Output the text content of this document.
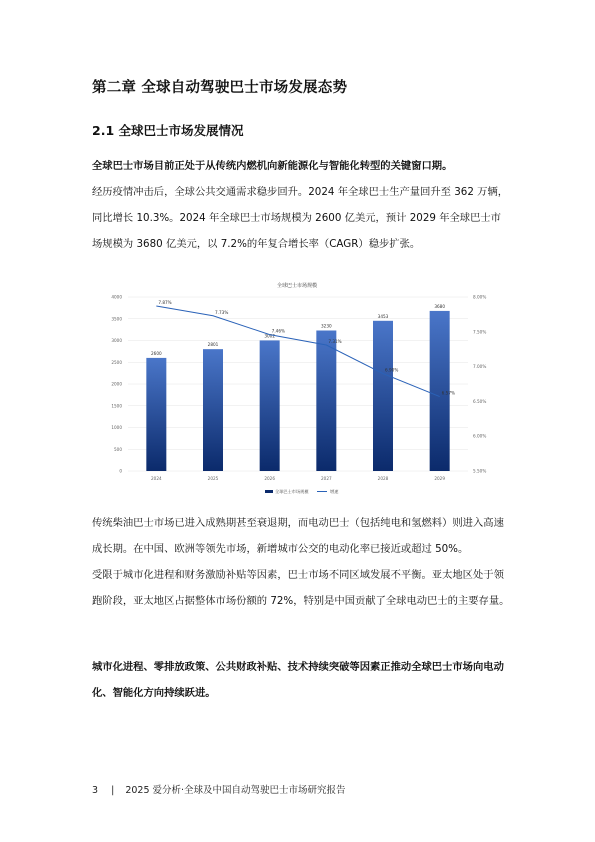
第二章 全球自动驾驶巴士市场发展态势
2.1 全球巴士市场发展情况
全球巴士市场目前正处于从传统内燃机向新能源化与智能化转型的关键窗口期。
经历疫情冲击后，全球公共交通需求稳步回升。2024 年全球巴士生产量回升至 362 万辆，同比增长 10.3%。2024 年全球巴士市场规模为 2600 亿美元，预计 2029 年全球巴士市场规模为 3680 亿美元，以 7.2%的年复合增长率（CAGR）稳步扩张。
全球巴士市场规模
0
500
1000
1500
2000
2500
3000
3500
4000
5.50%
6.00%
6.50%
7.00%
7.50%
8.00%
2600
2024
2801
2025
3002
2026
3230
2027
3453
2028
3680
2029
7.87%
7.73%
7.46%
7.31%
6.90%
6.57%
全球巴士市场规模	增速
传统柴油巴士市场已进入成熟期甚至衰退期，而电动巴士（包括纯电和氢燃料）则进入高速成长期。在中国、欧洲等领先市场，新增城市公交的电动化率已接近或超过 50%。
受限于城市化进程和财务激励补贴等因素，巴士市场不同区域发展不平衡。亚太地区处于领跑阶段，亚太地区占据整体市场份额的 72%，特别是中国贡献了全球电动巴士的主要存量。
城市化进程、零排放政策、公共财政补贴、技术持续突破等因素正推动全球巴士市场向电动化、智能化方向持续跃进。
3 | 2025 爱分析·全球及中国自动驾驶巴士市场研究报告
